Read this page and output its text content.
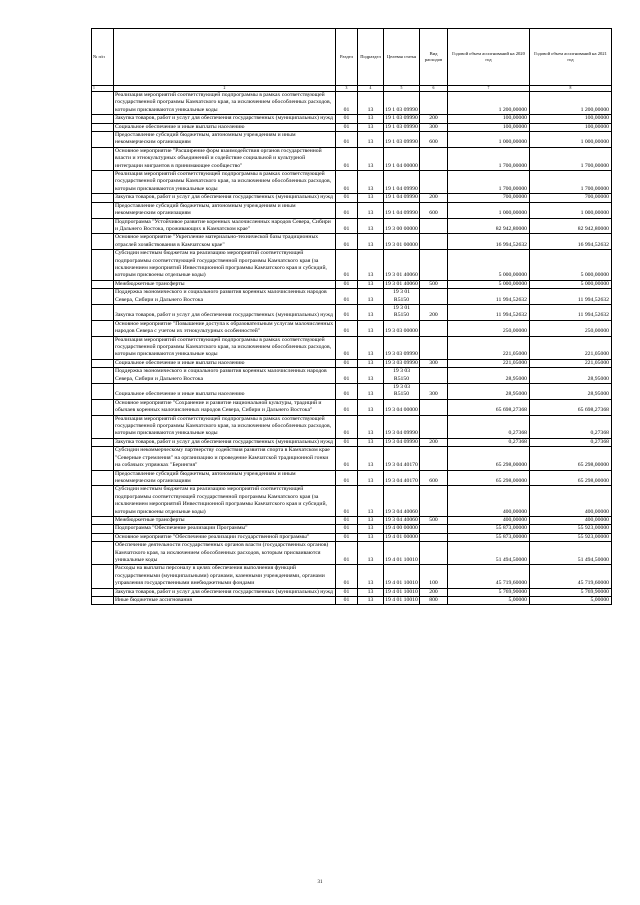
№ п/п		Раздел	Подраздел	Целевая статья	Вид расходов	Годовой объем ассигнований на 2020 год	Годовой объем ассигнований на 2021 год
1	2	3	4	5	6	7	8
	Реализация мероприятий соответствующей подпрограммы в рамках соответствующей государственной программы Камчатского края, за исключением обособленных расходов, которым присваиваются уникальные коды	01	13	19 1 03 09990		1 200,00000	1 200,00000
	Закупка товаров, работ и услуг для обеспечения государственных (муниципальных) нужд	01	13	19 1 03 09990	200	100,00000	100,00000
	Социальное обеспечение и иные выплаты населению	01	13	19 1 03 09990	300	100,00000	100,00000
	Предоставление субсидий бюджетным, автономным учреждениям и иным некоммерческим организациям	01	13	19 1 03 09990	600	1 000,00000	1 000,00000
	Основное мероприятие "Расширение форм взаимодействия органов государственной власти и этнокультурных объединений и содействие социальной и культурной интеграции мигрантов в принимающее сообщество"	01	13	19 1 04 00000		1 700,00000	1 700,00000
	Реализация мероприятий соответствующей подпрограммы в рамках соответствующей государственной программы Камчатского края, за исключением обособленных расходов, которым присваиваются уникальные коды	01	13	19 1 04 09990		1 700,00000	1 700,00000
	Закупка товаров, работ и услуг для обеспечения государственных (муниципальных) нужд	01	13	19 1 04 09990	200	700,00000	700,00000
	Предоставление субсидий бюджетным, автономным учреждениям и иным некоммерческим организациям	01	13	19 1 04 09990	600	1 000,00000	1 000,00000
	Подпрограмма "Устойчивое развитие коренных малочисленных народов Севера, Сибири и Дальнего Востока, проживающих в Камчатском крае"	01	13	19 3 00 00000		82 942,80000	82 942,80000
	Основное мероприятие "Укрепление материально-технической базы традиционных отраслей хозяйствования в Камчатском крае"	01	13	19 3 01 00000		16 994,52632	16 994,52632
	Субсидии местным бюджетам на реализацию мероприятий соответствующей подпрограммы соответствующей государственной программы Камчатского края (за исключением мероприятий Инвестиционной программы Камчатского края и субсидий, которым присвоены отдельные коды)	01	13	19 3 01 40060		5 000,00000	5 000,00000
	Межбюджетные трансферты	01	13	19 3 01 40060	500	5 000,00000	5 000,00000
	Поддержка экономического и социального развития коренных малочисленных народов Севера, Сибири и Дальнего Востока	01	13	19 3 01 R5150		11 994,52632	11 994,52632
	Закупка товаров, работ и услуг для обеспечения государственных (муниципальных) нужд	01	13	19 3 01 R5150	200	11 994,52632	11 994,52632
	Основное мероприятие "Повышение доступа к образовательным услугам малочисленных народов Севера с учетом их этнокультурных особенностей"	01	13	19 3 03 00000		250,00000	250,00000
	Реализация мероприятий соответствующей подпрограммы в рамках соответствующей государственной программы Камчатского края, за исключением обособленных расходов, которым присваиваются уникальные коды	01	13	19 3 03 09990		221,05000	221,05000
	Социальное обеспечение и иные выплаты населению	01	13	19 3 03 09990	300	221,05000	221,05000
	Поддержка экономического и социального развития коренных малочисленных народов Севера, Сибири и Дальнего Востока	01	13	19 3 03 R5150		28,95000	28,95000
	Социальное обеспечение и иные выплаты населению	01	13	19 3 03 R5150	300	28,95000	28,95000
	Основное мероприятие "Сохранение и развитие национальной культуры, традиций и обычаев коренных малочисленных народов Севера, Сибири и Дальнего Востока"	01	13	19 3 04 00000		65 698,27368	65 698,27368
	Реализация мероприятий соответствующей подпрограммы в рамках соответствующей государственной программы Камчатского края, за исключением обособленных расходов, которым присваиваются уникальные коды	01	13	19 3 04 09990		0,27368	0,27368
	Закупка товаров, работ и услуг для обеспечения государственных (муниципальных) нужд	01	13	19 3 04 09990	200	0,27368	0,27368
	Субсидии некоммерческому партнерству содействия развития спорта в Камчатском крае "Северные стремления" на организацию и проведение Камчатской традиционной гонки на собачьих упряжках "Берингия"	01	13	19 3 04 40170		65 298,00000	65 298,00000
	Предоставление субсидий бюджетным, автономным учреждениям и иным некоммерческим организациям	01	13	19 3 04 40170	600	65 298,00000	65 298,00000
	Субсидии местным бюджетам на реализацию мероприятий соответствующей подпрограммы соответствующей государственной программы Камчатского края (за исключением мероприятий Инвестиционной программы Камчатского края и субсидий, которым присвоены отдельные коды)	01	13	19 3 04 40060		400,00000	400,00000
	Межбюджетные трансферты	01	13	19 3 04 40060	500	400,00000	400,00000
	Подпрограмма "Обеспечение реализации Программы"	01	13	19 4 00 00000		55 873,00000	55 923,00000
	Основное мероприятие "Обеспечение реализации государственной программы"	01	13	19 4 01 00000		55 873,00000	55 923,00000
	Обеспечение деятельности государственных органов власти (государственных органов) Камчатского края, за исключением обособленных расходов, которым присваиваются уникальные коды	01	13	19 4 01 10010		51 494,50000	51 494,50000
	Расходы на выплаты персоналу в целях обеспечения выполнения функций государственными (муниципальными) органами, казенными учреждениями, органами управления государственными внебюджетными фондами	01	13	19 4 01 10010	100	45 719,60000	45 719,60000
	Закупка товаров, работ и услуг для обеспечения государственных (муниципальных) нужд	01	13	19 4 01 10010	200	5 769,90000	5 769,90000
	Иные бюджетные ассигнования	01	13	19 4 01 10010	800	5,00000	5,00000
31
